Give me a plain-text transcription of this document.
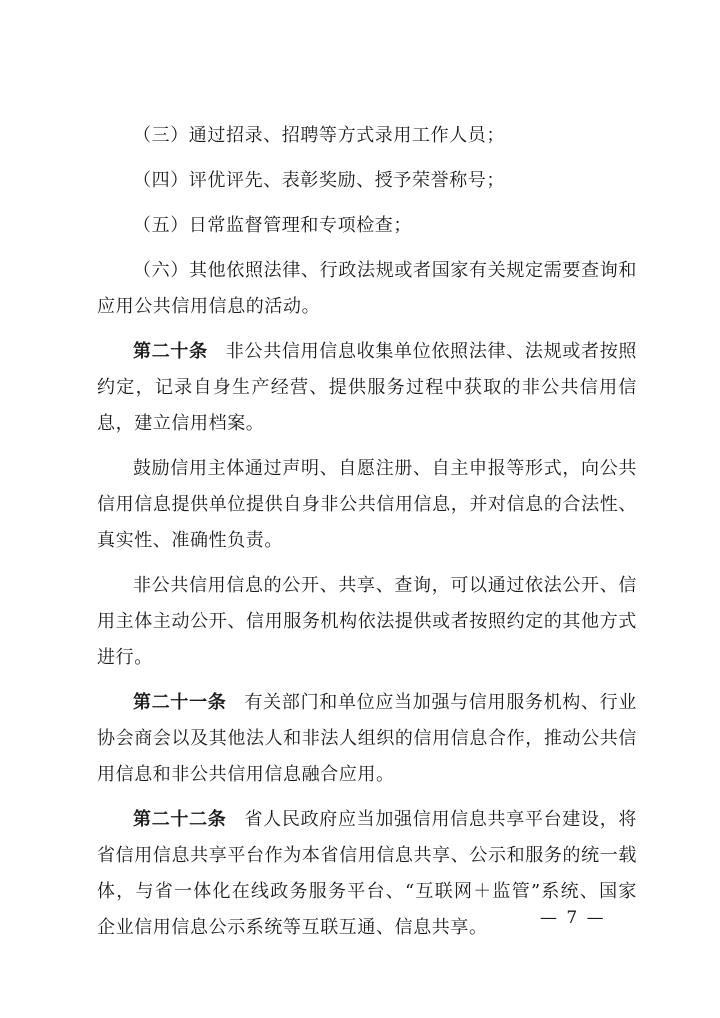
（三）通过招录、招聘等方式录用工作人员；

（四）评优评先、表彰奖励、授予荣誉称号；

（五）日常监督管理和专项检查；

（六）其他依照法律、行政法规或者国家有关规定需要查询和应用公共信用信息的活动。

第二十条 非公共信用信息收集单位依照法律、法规或者按照约定，记录自身生产经营、提供服务过程中获取的非公共信用信息，建立信用档案。

鼓励信用主体通过声明、自愿注册、自主申报等形式，向公共信用信息提供单位提供自身非公共信用信息，并对信息的合法性、真实性、准确性负责。

非公共信用信息的公开、共享、查询，可以通过依法公开、信用主体主动公开、信用服务机构依法提供或者按照约定的其他方式进行。

第二十一条 有关部门和单位应当加强与信用服务机构、行业协会商会以及其他法人和非法人组织的信用信息合作，推动公共信用信息和非公共信用信息融合应用。

第二十二条 省人民政府应当加强信用信息共享平台建设，将省信用信息共享平台作为本省信用信息共享、公示和服务的统一载体，与省一体化在线政务服务平台、“互联网＋监管”系统、国家企业信用信息公示系统等互联互通、信息共享。	— 7 —
